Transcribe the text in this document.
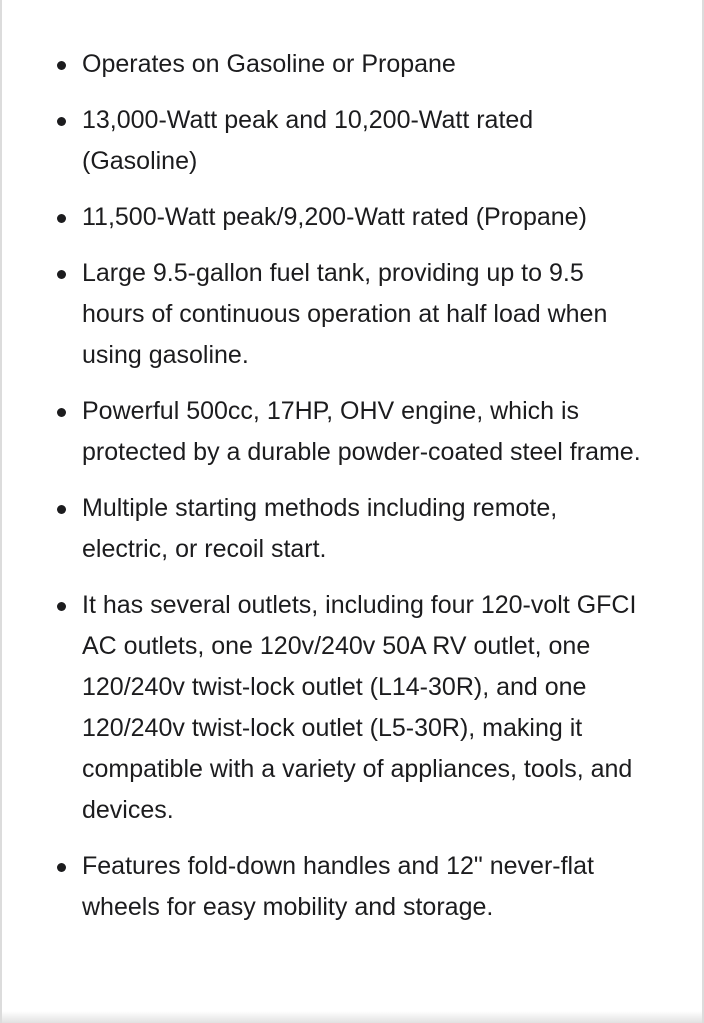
Operates on Gasoline or Propane
13,000-Watt peak and 10,200-Watt rated (Gasoline)
11,500-Watt peak/9,200-Watt rated (Propane)
Large 9.5-gallon fuel tank, providing up to 9.5 hours of continuous operation at half load when using gasoline.
Powerful 500cc, 17HP, OHV engine, which is protected by a durable powder-coated steel frame.
Multiple starting methods including remote, electric, or recoil start.
It has several outlets, including four 120-volt GFCI AC outlets, one 120v/240v 50A RV outlet, one 120/240v twist-lock outlet (L14-30R), and one 120/240v twist-lock outlet (L5-30R), making it compatible with a variety of appliances, tools, and devices.
Features fold-down handles and 12" never-flat wheels for easy mobility and storage.
